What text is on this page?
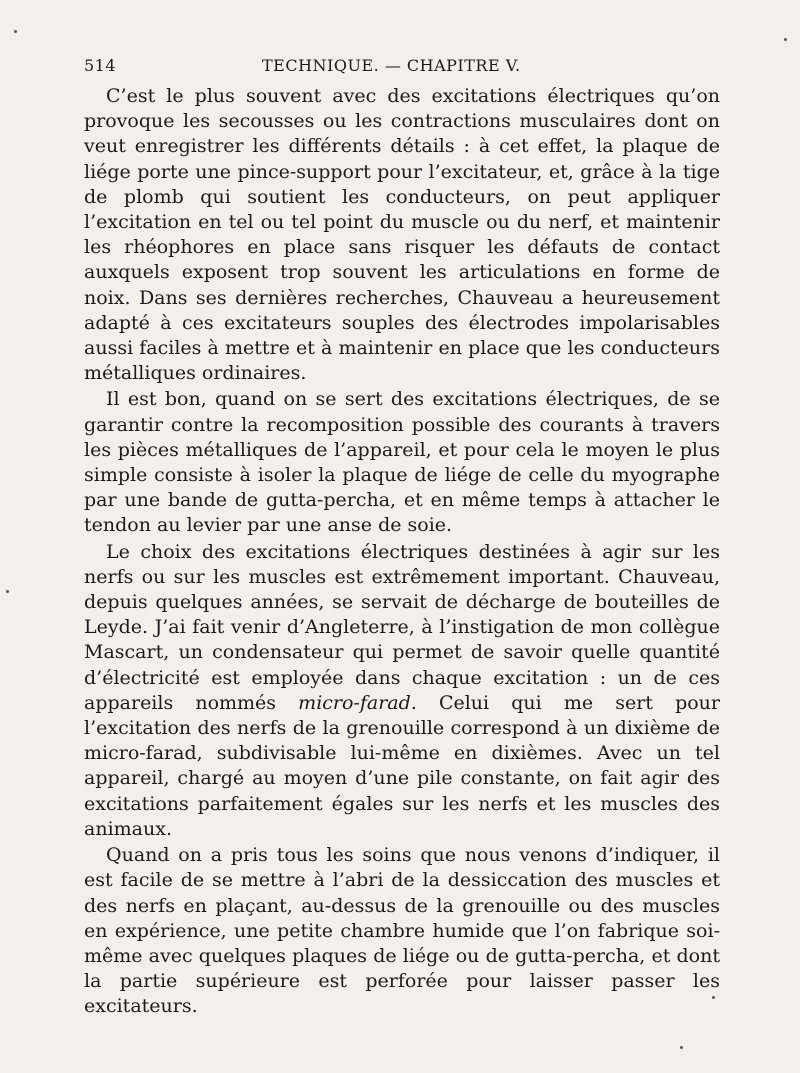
514	TECHNIQUE. — CHAPITRE V.

C’est le plus souvent avec des excitations électriques qu’on provoque les secousses ou les contractions musculaires dont on veut enregistrer les différents détails : à cet effet, la plaque de liége porte une pince-support pour l’excitateur, et, grâce à la tige de plomb qui soutient les conducteurs, on peut appliquer l’excitation en tel ou tel point du muscle ou du nerf, et maintenir les rhéophores en place sans risquer les défauts de contact auxquels exposent trop souvent les articulations en forme de noix. Dans ses dernières recherches, Chauveau a heureusement adapté à ces excitateurs souples des électrodes impolarisables aussi faciles à mettre et à maintenir en place que les conducteurs métalliques ordinaires.

Il est bon, quand on se sert des excitations électriques, de se garantir contre la recomposition possible des courants à travers les pièces métalliques de l’appareil, et pour cela le moyen le plus simple consiste à isoler la plaque de liége de celle du myographe par une bande de gutta-percha, et en même temps à attacher le tendon au levier par une anse de soie.

Le choix des excitations électriques destinées à agir sur les nerfs ou sur les muscles est extrêmement important. Chauveau, depuis quelques années, se servait de décharge de bouteilles de Leyde. J’ai fait venir d’Angleterre, à l’instigation de mon collègue Mascart, un condensateur qui permet de savoir quelle quantité d’électricité est employée dans chaque excitation : un de ces appareils nommés micro-farad. Celui qui me sert pour l’excitation des nerfs de la grenouille correspond à un dixième de micro-farad, subdivisable lui-même en dixièmes. Avec un tel appareil, chargé au moyen d’une pile constante, on fait agir des excitations parfaitement égales sur les nerfs et les muscles des animaux.

Quand on a pris tous les soins que nous venons d’indiquer, il est facile de se mettre à l’abri de la dessiccation des muscles et des nerfs en plaçant, au-dessus de la grenouille ou des muscles en expérience, une petite chambre humide que l’on fabrique soi-même avec quelques plaques de liége ou de gutta-percha, et dont la partie supérieure est perforée pour laisser passer les excitateurs.
